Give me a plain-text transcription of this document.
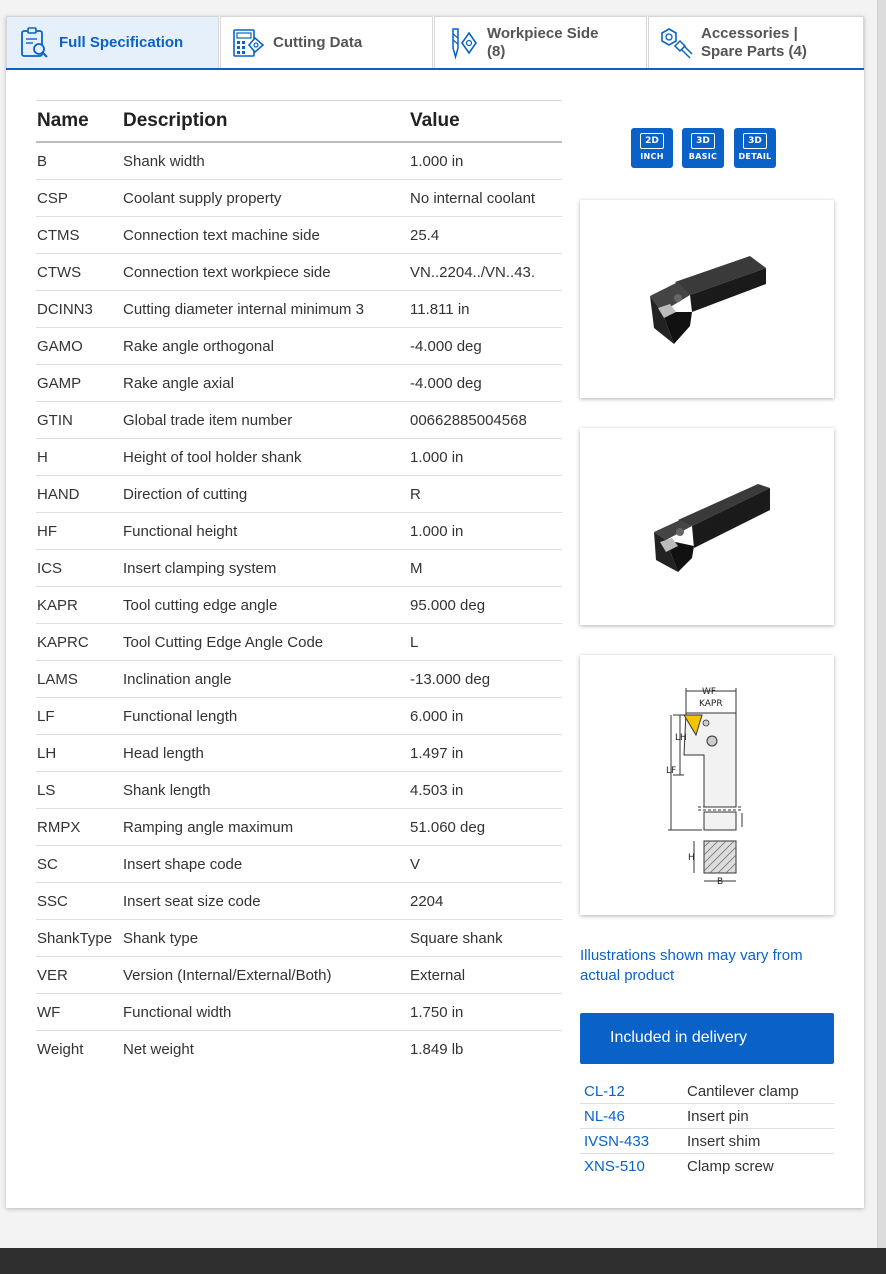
Full Specification	Cutting Data
Workpiece Side
(8)
Accessories |
Spare Parts (4)
Name	Description	Value
B	Shank width	1.000 in
CSP	Coolant supply property	No internal coolant
CTMS	Connection text machine side	25.4
CTWS	Connection text workpiece side	VN..2204../VN..43.
DCINN3	Cutting diameter internal minimum 3	11.811 in
GAMO	Rake angle orthogonal	-4.000 deg
GAMP	Rake angle axial	-4.000 deg
GTIN	Global trade item number	00662885004568
H	Height of tool holder shank	1.000 in
HAND	Direction of cutting	R
HF	Functional height	1.000 in
ICS	Insert clamping system	M
KAPR	Tool cutting edge angle	95.000 deg
KAPRC	Tool Cutting Edge Angle Code	L
LAMS	Inclination angle	-13.000 deg
LF	Functional length	6.000 in
LH	Head length	1.497 in
LS	Shank length	4.503 in
RMPX	Ramping angle maximum	51.060 deg
SC	Insert shape code	V
SSC	Insert seat size code	2204
ShankType	Shank type	Square shank
VER	Version (Internal/External/Both)	External
WF	Functional width	1.750 in
Weight	Net weight	1.849 lb
2D
INCH
3D
BASIC
3D
DETAIL
WF
KAPR
LH
LF
H
B
Illustrations shown may vary from actual product
Included in delivery
CL-12	Cantilever clamp
NL-46	Insert pin
IVSN-433	Insert shim
XNS-510	Clamp screw
